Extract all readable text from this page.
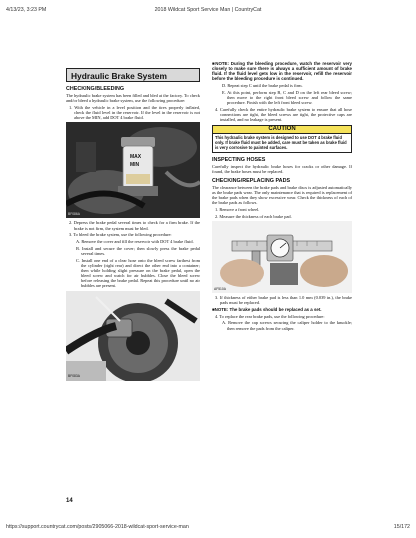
4/13/23, 3:23 PM	2018 Wildcat Sport Service Man | CountryCat
Hydraulic Brake System
CHECKING/BLEEDING

The hydraulic brake system has been filled and bled at the factory. To check and/or bleed a hydraulic brake system, use the following procedure:

1. With the vehicle in a level position and the tires properly inflated, check the fluid level in the reservoir. If the level in the reservoir is not above the MIN, add DOT 4 brake fluid.

MAX
MIN
BF086A

2. Depress the brake pedal several times to check for a firm brake. If the brake is not firm, the system must be bled.

3. To bleed the brake system, use the following procedure:

A. Remove the cover and fill the reservoir with DOT 4 brake fluid.

B. Install and secure the cover; then slowly press the brake pedal several times.

C. Install one end of a clear hose onto the bleed screw farthest from the cylinder (right rear) and direct the other end into a container; then while holding slight pressure on the brake pedal, open the bleed screw and watch for air bubbles. Close the bleed screw before releasing the brake pedal. Repeat this procedure until no air bubbles are present.

BF083A

■NOTE: During the bleeding procedure, watch the reservoir very closely to make sure there is always a sufficient amount of brake fluid. If the fluid level gets low in the reservoir, refill the reservoir before the bleeding procedure is continued.

D. Repeat step C until the brake pedal is firm.

E. At this point, perform step B, C and D on the left rear bleed screw; then move to the right front bleed screw and follow the same procedure. Finish with the left front bleed screw.

4. Carefully check the entire hydraulic brake system to ensure that all hose connections are tight, the bleed screws are tight, the protective caps are installed, and no leakage is present.

CAUTION
This hydraulic brake system is designed to use DOT 4 brake fluid only. If brake fluid must be added, care must be taken as brake fluid is very corrosive to painted surfaces.
INSPECTING HOSES

Carefully inspect the hydraulic brake hoses for cracks or other damage. If found, the brake hoses must be replaced.

CHECKING/REPLACING PADS

The clearance between the brake pads and brake discs is adjusted automatically as the brake pads wear. The only maintenance that is required is replacement of the brake pads when they show excessive wear. Check the thickness of each of the brake pads as follows.

1. Remove a front wheel.

2. Measure the thickness of each brake pad.

AF510A

3. If thickness of either brake pad is less than 1.0 mm (0.039 in.), the brake pads must be replaced.

■NOTE: The brake pads should be replaced as a set.

4. To replace the rear brake pads, use the following procedure:

A. Remove the cap screws securing the caliper holder to the knuckle; then remove the pads from the caliper.

14
https://support.countrycat.com/posts/2905066-2018-wildcat-sport-service-man	15/172
